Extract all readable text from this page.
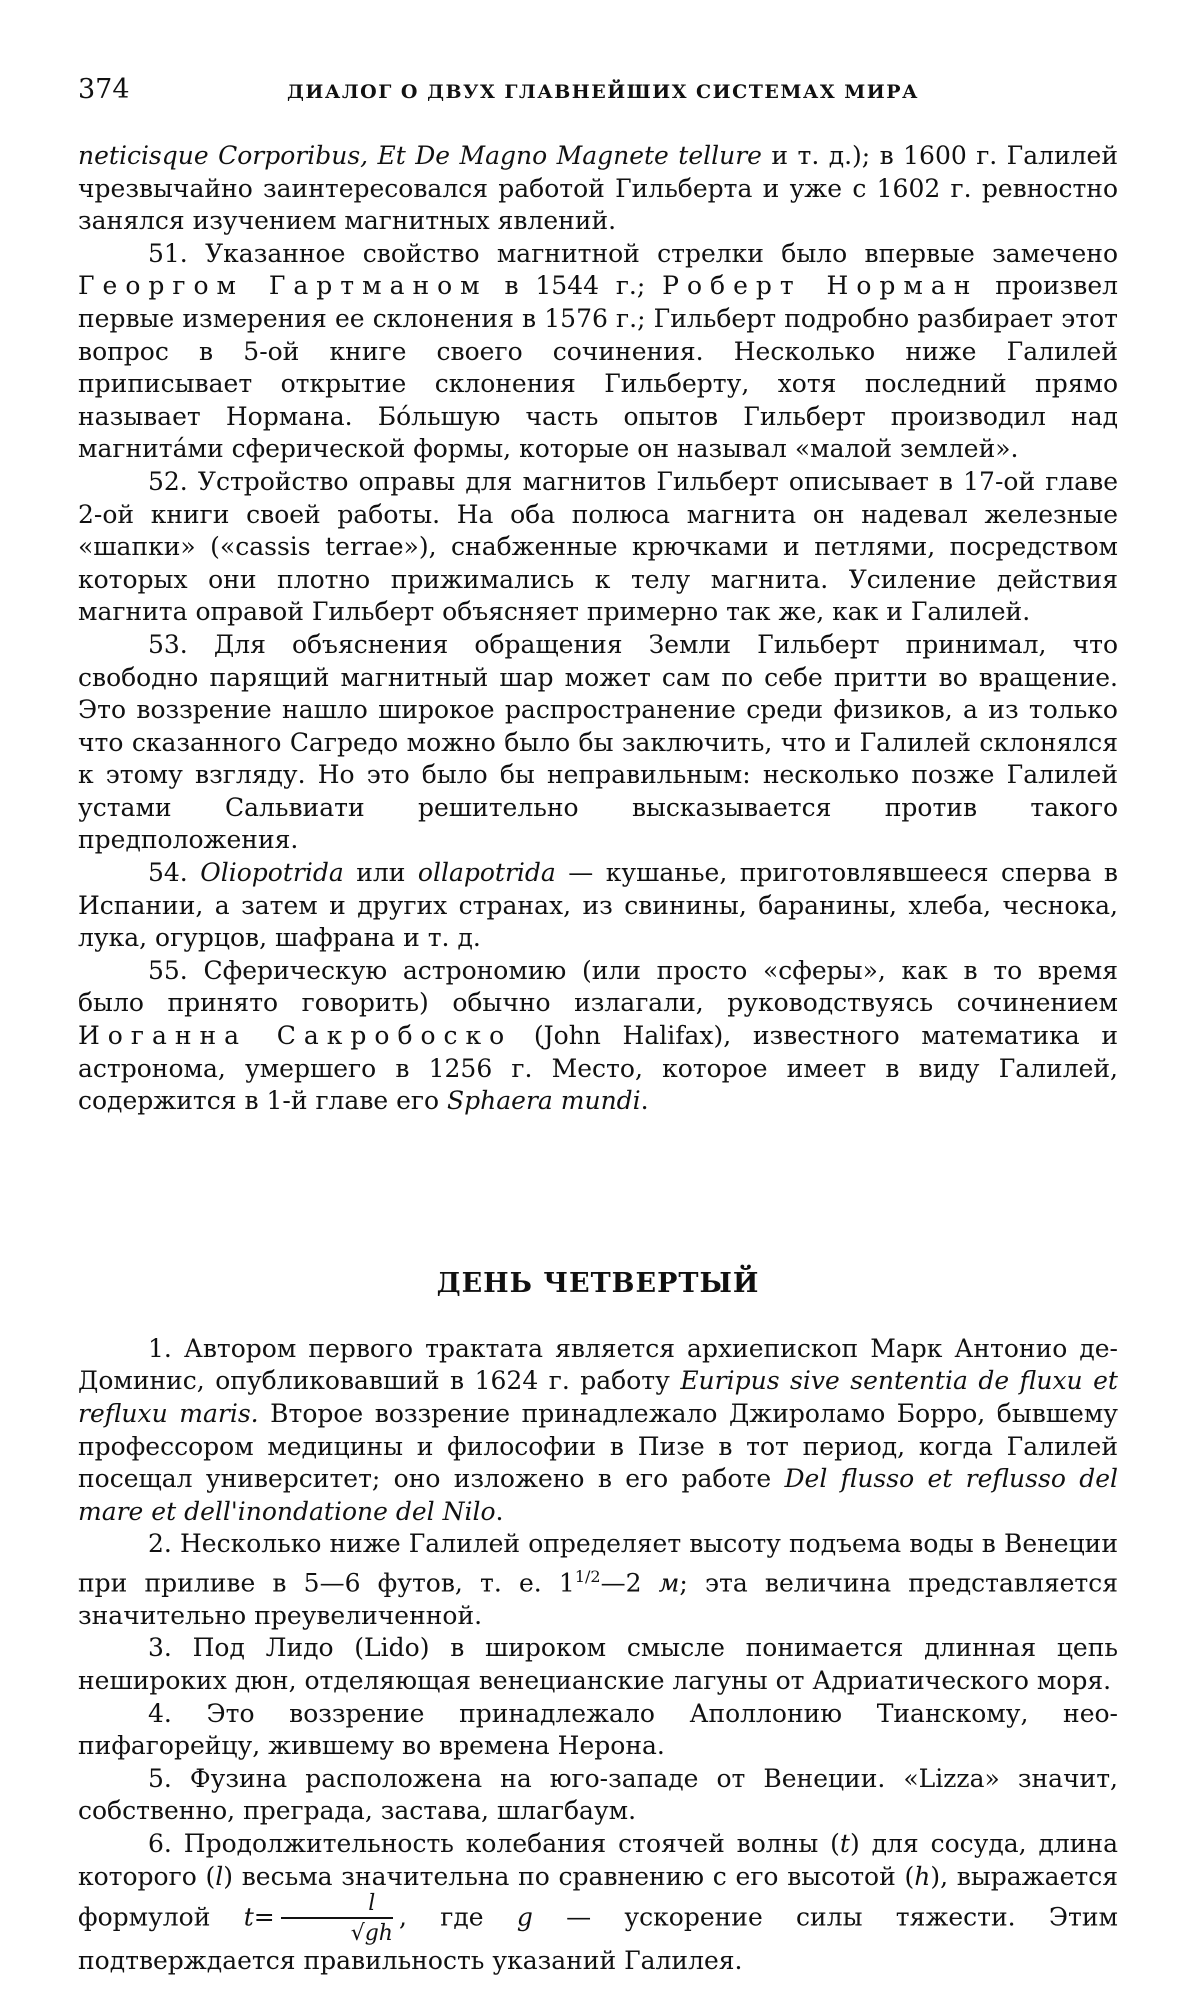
374	ДИАЛОГ О ДВУХ ГЛАВНЕЙШИХ СИСТЕМАХ МИРА

neticisque Corporibus, Et De Magno Magnete tellure и т. д.); в 1600 г. Галилей чрезвычайно заинтересовался работой Гильберта и уже с 1602 г. ревностно занялся изучением магнитных явлений.

51. Указанное свойство магнитной стрелки было впервые замечено Георгом Гартманом в 1544 г.; Роберт Норман произвел первые измерения ее склонения в 1576 г.; Гильберт подробно разбирает этот вопрос в 5-ой книге своего сочинения. Несколько ниже Галилей приписывает открытие склонения Гильберту, хотя последний прямо называет Нормана. Бо́льшую часть опытов Гильберт производил над магнита́ми сферической формы, которые он называл «малой землей».

52. Устройство оправы для магнитов Гильберт описывает в 17-ой главе 2-ой книги своей работы. На оба полюса магнита он надевал железные «шапки» («cassis terrae»), снабженные крючками и петлями, посредством которых они плотно прижимались к телу магнита. Усиление действия магнита оправой Гильберт объясняет примерно так же, как и Галилей.

53. Для объяснения обращения Земли Гильберт принимал, что свободно парящий магнитный шар может сам по себе притти во вращение. Это воззрение нашло широкое распространение среди физиков, а из только что сказанного Сагредо можно было бы заключить, что и Галилей склонялся к этому взгляду. Но это было бы неправильным: несколько позже Галилей устами Сальвиати решительно высказывается против такого предположения.

54. Oliopotrida или ollapotrida — кушанье, приготовлявшееся сперва в Испании, а затем и других странах, из свинины, баранины, хлеба, чеснока, лука, огурцов, шафрана и т. д.

55. Сферическую астрономию (или просто «сферы», как в то время было принято говорить) обычно излагали, руководствуясь сочинением Иоганна Сакробоско (John Halifax), известного математика и астронома, умершего в 1256 г. Место, которое имеет в виду Галилей, содержится в 1-й главе его Sphaera mundi.

ДЕНЬ ЧЕТВЕРТЫЙ

1. Автором первого трактата является архиепископ Марк Антонио де-Доминис, опубликовавший в 1624 г. работу Euripus sive sententia de fluxu et refluxu maris. Второе воззрение принадлежало Джироламо Борро, бывшему профессором медицины и философии в Пизе в тот период, когда Галилей посещал университет; оно изложено в его работе Del flusso et reflusso del mare et dell'inondatione del Nilo.

2. Несколько ниже Галилей определяет высоту подъема воды в Венеции при приливе в 5—6 футов, т. е. $1^{1/2}—2$ м; эта величина представляется значительно преувеличенной.

3. Под Лидо (Lido) в широком смысле понимается длинная цепь неширокиx дюн, отделяющая венецианские лагуны от Адриатического моря.

4. Это воззрение принадлежало Аполлонию Тианскому, нео-пифагорейцу, жившему во времена Нерона.

5. Фузина расположена на юго-западе от Венеции. «Lizza» значит, собственно, преграда, застава, шлагбаум.

6. Продолжительность колебания стоячей волны (t) для сосуда, длина которого (l) весьма значительна по сравнению с его высотой (h), выражается формулой $t= \frac{l}{√gh}$ , где g — ускорение силы тяжести. Этим подтверждается правильность указаний Галилея.
